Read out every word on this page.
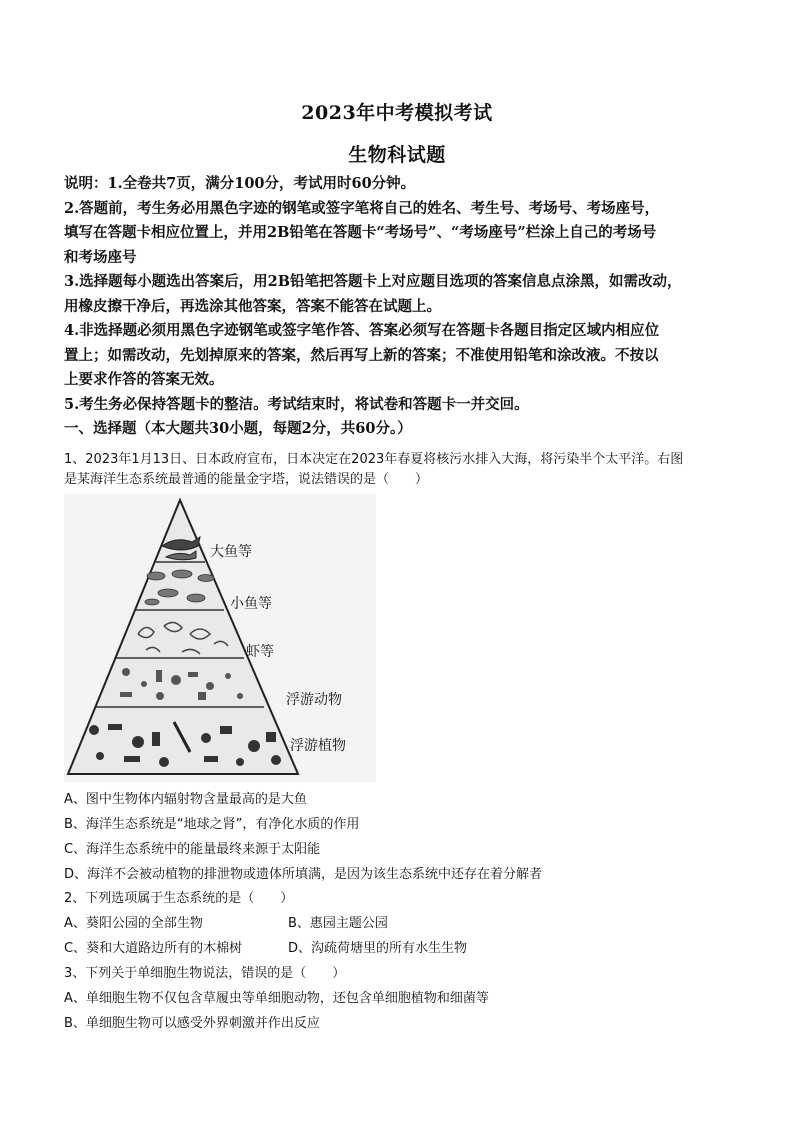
2023年中考模拟考试
生物科试题

说明：1.全卷共7页，满分100分，考试用时60分钟。

2.答题前，考生务必用黑色字迹的钢笔或签字笔将自己的姓名、考生号、考场号、考场座号，

填写在答题卡相应位置上，并用2B铅笔在答题卡“考场号”、“考场座号”栏涂上自己的考场号

和考场座号

3.选择题每小题选出答案后，用2B铅笔把答题卡上对应题目选项的答案信息点涂黑，如需改动，

用橡皮擦干净后，再选涂其他答案，答案不能答在试题上。

4.非选择题必须用黑色字迹钢笔或签字笔作答、答案必须写在答题卡各题目指定区域内相应位

置上；如需改动，先划掉原来的答案，然后再写上新的答案；不准使用铅笔和涂改液。不按以

上要求作答的答案无效。

5.考生务必保持答题卡的整洁。考试结束时，将试卷和答题卡一并交回。

一、选择题（本大题共30小题，每题2分，共60分。）

1、2023年1月13日、日本政府宣布，日本决定在2023年春夏将核污水排入大海，将污染半个太平洋。右图
是某海洋生态系统最普通的能量金字塔，说法错误的是（　　）
大鱼等
小鱼等
虾等
浮游动物
浮游植物
A、图中生物体内辐射物含量最高的是大鱼
B、海洋生态系统是“地球之肾”，有净化水质的作用
C、海洋生态系统中的能量最终来源于太阳能
D、海洋不会被动植物的排泄物或遗体所填满，是因为该生态系统中还存在着分解者
2、下列选项属于生态系统的是（　　）
A、葵阳公园的全部生物	B、惠园主题公园
C、葵和大道路边所有的木棉树	D、沟疏荷塘里的所有水生生物
3、下列关于单细胞生物说法，错误的是（　　）
A、单细胞生物不仅包含草履虫等单细胞动物，还包含单细胞植物和细菌等
B、单细胞生物可以感受外界刺激并作出反应
